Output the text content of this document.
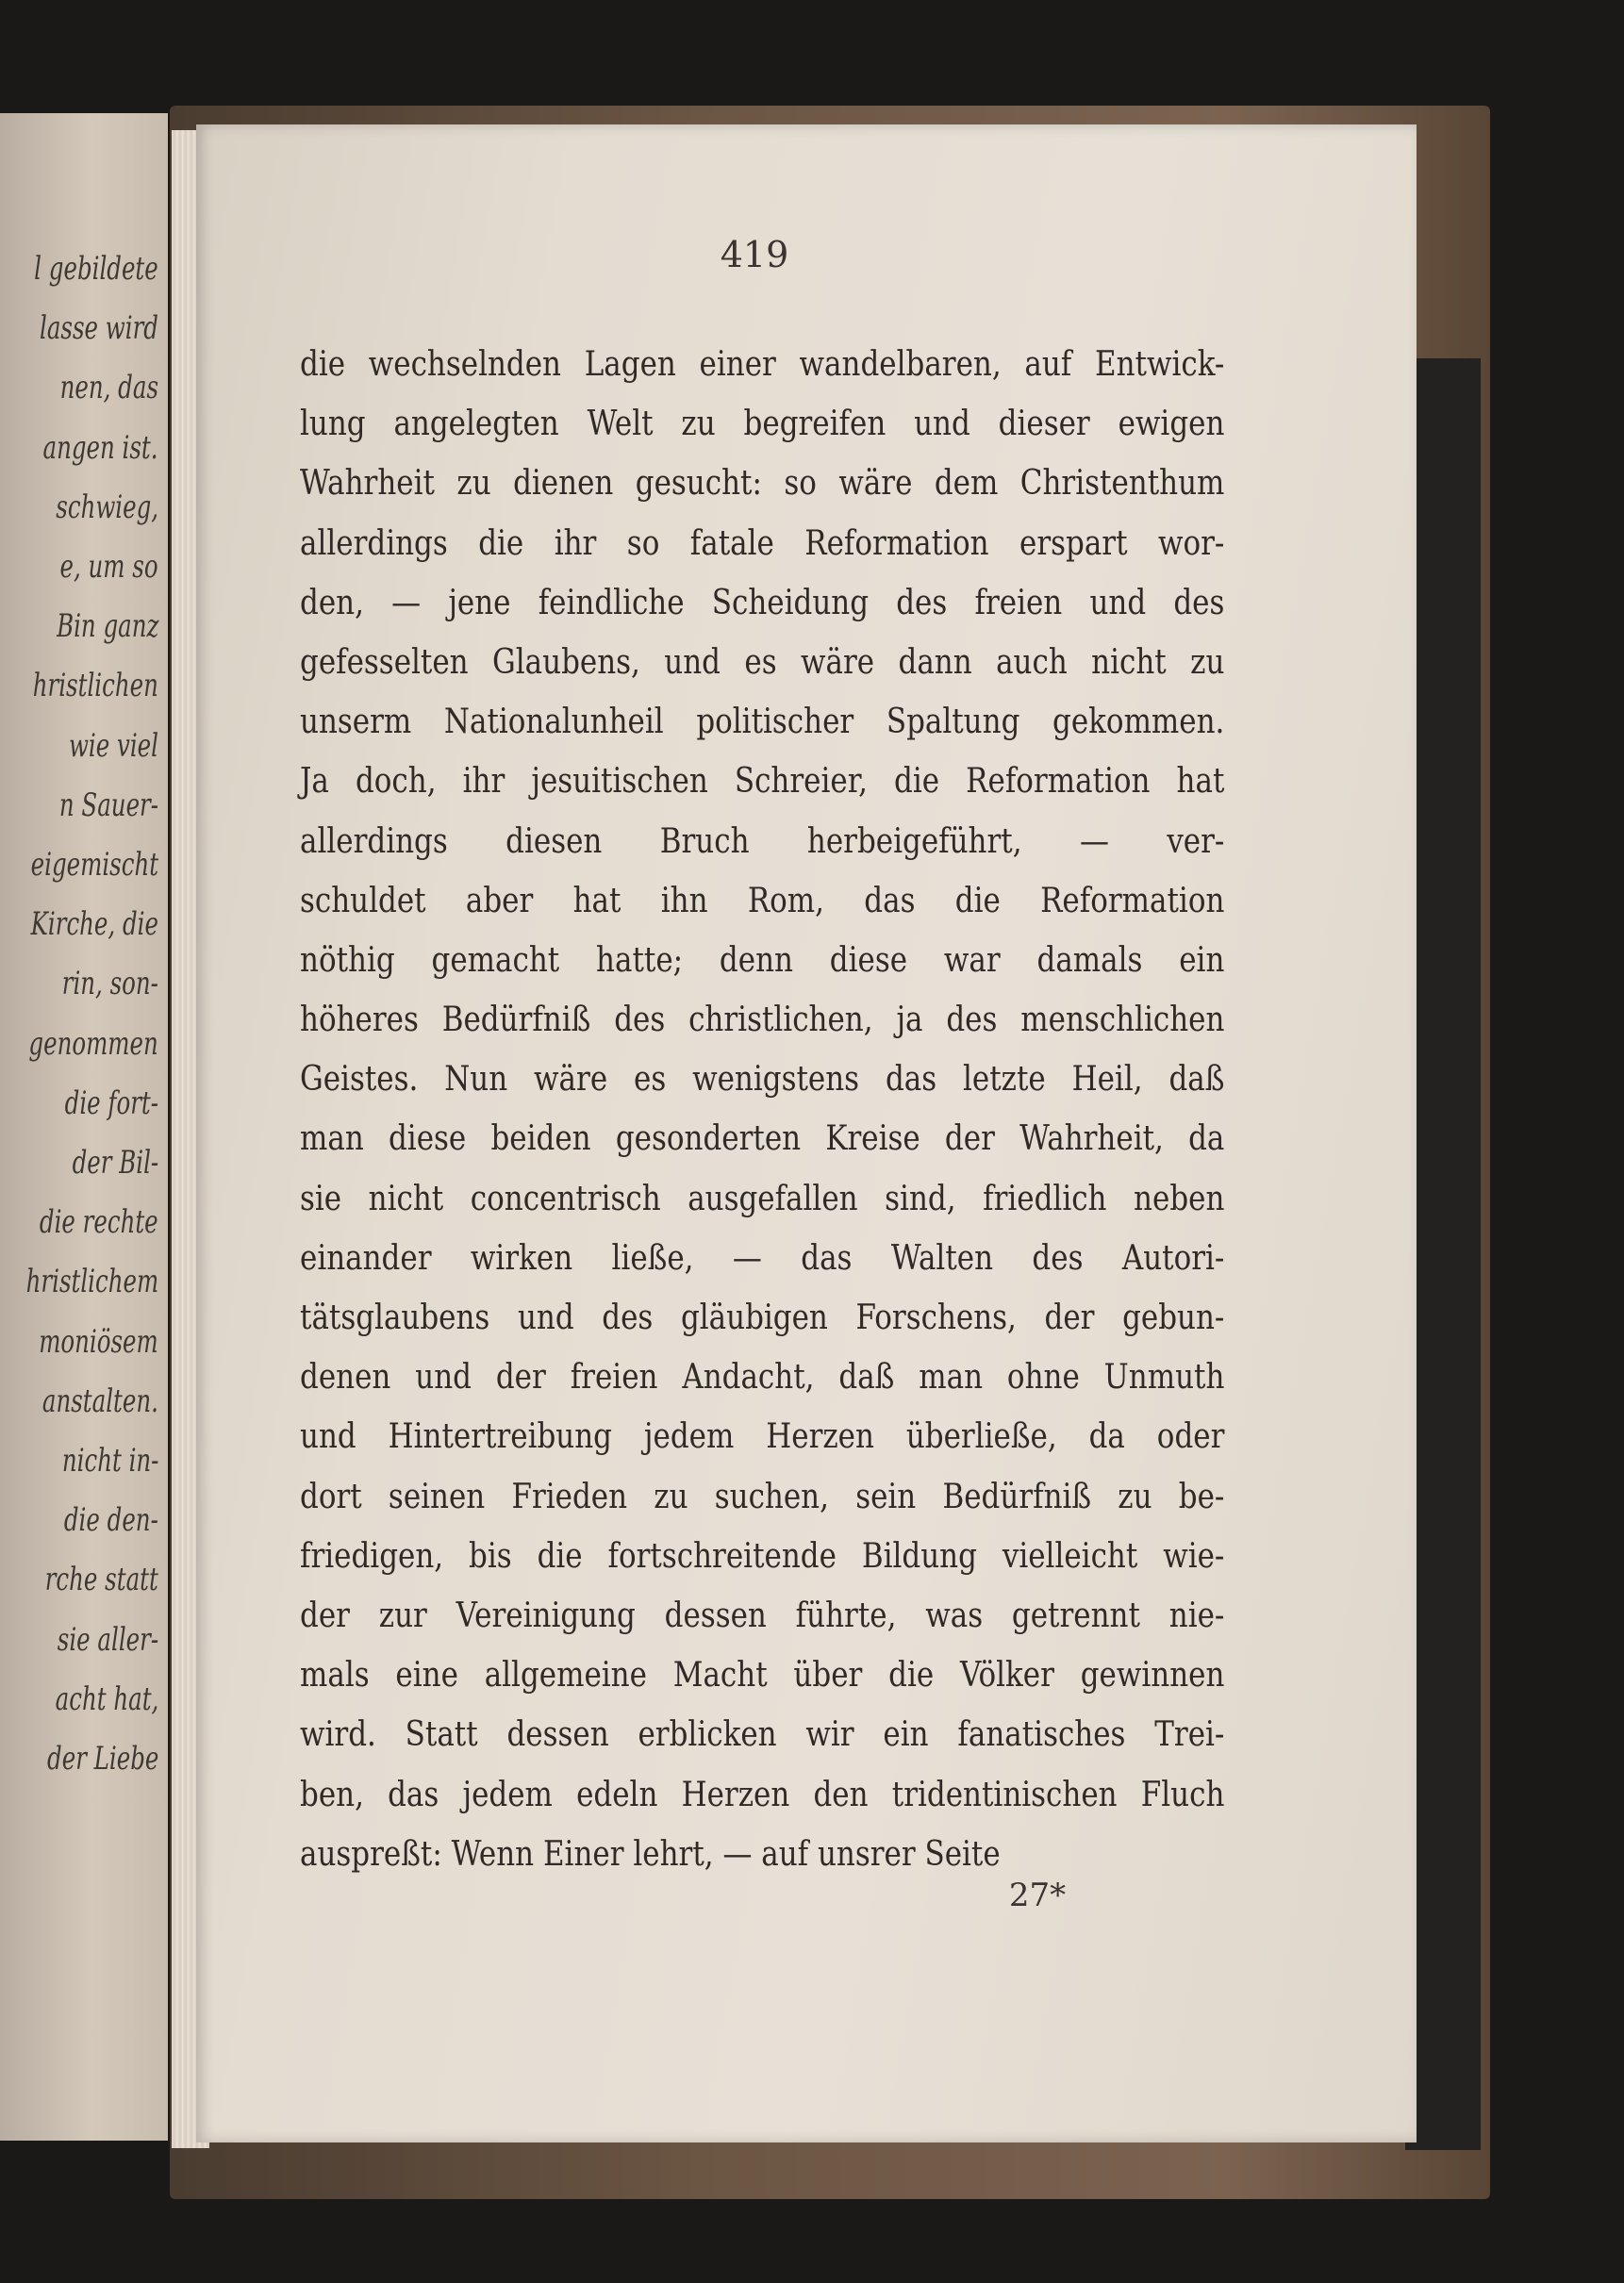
l gebildete
lasse wird
nen, das
angen ist.
schwieg,
e, um so
Bin ganz
hristlichen
wie viel
n Sauer-
eigemischt
Kirche, die
rin, son-
genommen
die fort-
der Bil-
die rechte
hristlichem
moniösem
anstalten.
nicht in-
die den-
rche statt
sie aller-
acht hat,
der Liebe
419
die wechselnden Lagen einer wandelbaren, auf Entwick-
lung angelegten Welt zu begreifen und dieser ewigen
Wahrheit zu dienen gesucht: so wäre dem Christenthum
allerdings die ihr so fatale Reformation erspart wor-
den, — jene feindliche Scheidung des freien und des
gefesselten Glaubens, und es wäre dann auch nicht zu
unserm Nationalunheil politischer Spaltung gekommen.
Ja doch, ihr jesuitischen Schreier, die Reformation hat
allerdings diesen Bruch herbeigeführt, — ver-
schuldet aber hat ihn Rom, das die Reformation
nöthig gemacht hatte; denn diese war damals ein
höheres Bedürfniß des christlichen, ja des menschlichen
Geistes. Nun wäre es wenigstens das letzte Heil, daß
man diese beiden gesonderten Kreise der Wahrheit, da
sie nicht concentrisch ausgefallen sind, friedlich neben
einander wirken ließe, — das Walten des Autori-
tätsglaubens und des gläubigen Forschens, der gebun-
denen und der freien Andacht, daß man ohne Unmuth
und Hintertreibung jedem Herzen überließe, da oder
dort seinen Frieden zu suchen, sein Bedürfniß zu be-
friedigen, bis die fortschreitende Bildung vielleicht wie-
der zur Vereinigung dessen führte, was getrennt nie-
mals eine allgemeine Macht über die Völker gewinnen
wird. Statt dessen erblicken wir ein fanatisches Trei-
ben, das jedem edeln Herzen den tridentinischen Fluch
auspreßt: Wenn Einer lehrt, — auf unsrer Seite
27*
